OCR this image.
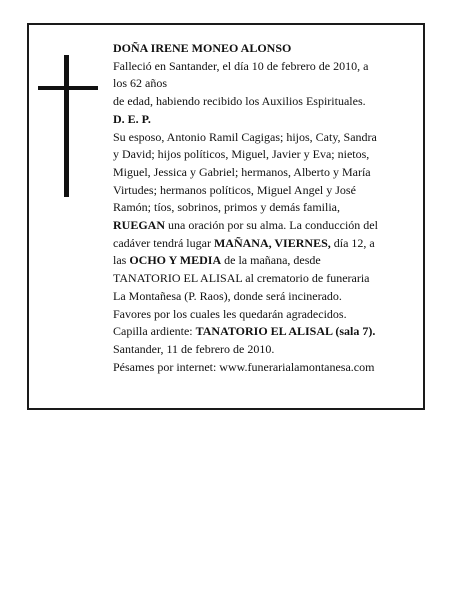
DOÑA IRENE MONEO ALONSO
Falleció en Santander, el día 10 de febrero de 2010, a
los 62 años
de edad, habiendo recibido los Auxilios Espirituales.
D. E. P.
Su esposo, Antonio Ramil Cagigas; hijos, Caty, Sandra
y David; hijos políticos, Miguel, Javier y Eva; nietos,
Miguel, Jessica y Gabriel; hermanos, Alberto y María
Virtudes; hermanos políticos, Miguel Angel y José
Ramón; tíos, sobrinos, primos y demás familia,
RUEGAN una oración por su alma. La conducción del
cadáver tendrá lugar MAÑANA, VIERNES, día 12, a
las OCHO Y MEDIA de la mañana, desde
TANATORIO EL ALISAL al crematorio de funeraria
La Montañesa (P. Raos), donde será incinerado.
Favores por los cuales les quedarán agradecidos.
Capilla ardiente: TANATORIO EL ALISAL (sala 7).
Santander, 11 de febrero de 2010.
Pésames por internet: www.funerarialamontanesa.com
